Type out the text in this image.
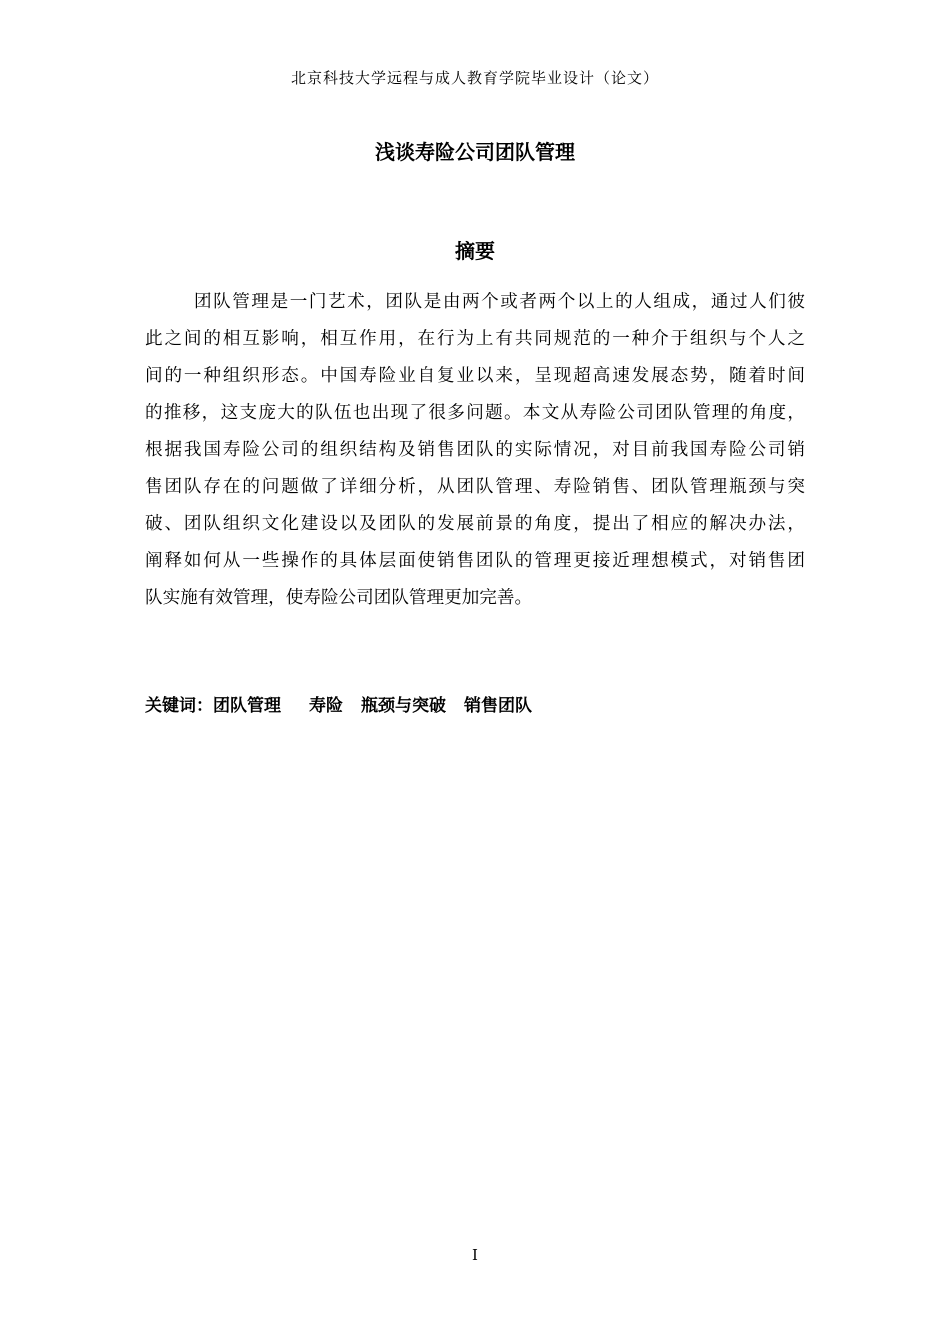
北京科技大学远程与成人教育学院毕业设计（论文）
浅谈寿险公司团队管理
摘要
团队管理是一门艺术，团队是由两个或者两个以上的人组成，通过人们彼
此之间的相互影响，相互作用，在行为上有共同规范的一种介于组织与个人之
间的一种组织形态。中国寿险业自复业以来，呈现超高速发展态势，随着时间
的推移，这支庞大的队伍也出现了很多问题。本文从寿险公司团队管理的角度，
根据我国寿险公司的组织结构及销售团队的实际情况，对目前我国寿险公司销
售团队存在的问题做了详细分析，从团队管理、寿险销售、团队管理瓶颈与突
破、团队组织文化建设以及团队的发展前景的角度，提出了相应的解决办法，
阐释如何从一些操作的具体层面使销售团队的管理更接近理想模式，对销售团
队实施有效管理，使寿险公司团队管理更加完善。
关键词：团队管理 寿险 瓶颈与突破 销售团队
I
